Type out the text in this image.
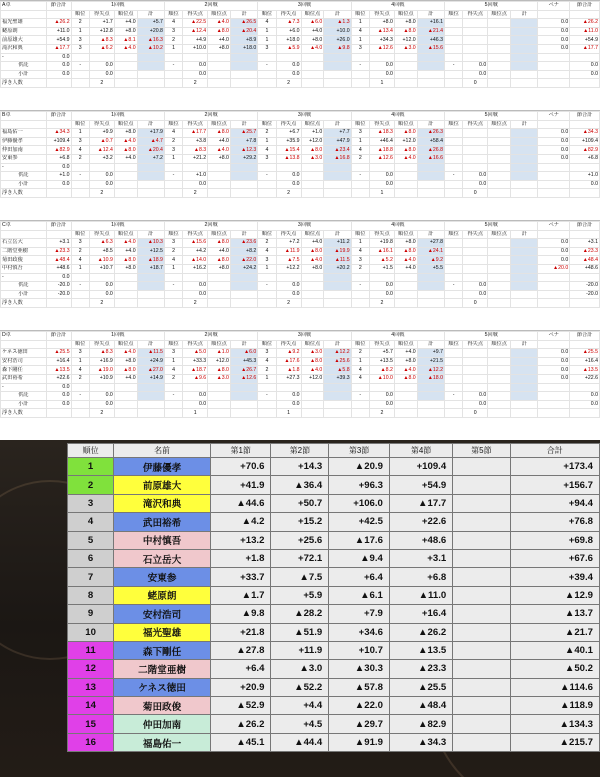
A卓	節合計	1回戦				2回戦				3回戦				4回戦				5回戦				ペナ	節合計
		順位	得失点	順位点	計	順位	得失点	順位点	計	順位	得失点	順位点	計	順位	得失点	順位点	計	順位	得失点	順位点	計		
福光聖雄	▲26.2	2	+1.7	+4.0	+5.7	4	▲22.5	▲4.0	▲26.5	4	▲7.3	▲6.0	▲1.3	1	+8.0	+8.0	+16.1					0.0	▲26.2
蛯原朗	+11.0	1	+12.8	+8.0	+20.8	3	▲12.4	▲8.0	▲20.4	1	+6.0	+4.0	+10.0	4	▲13.4	▲8.0	▲21.4					0.0	▲11.0
前原雄大	+54.9	3	▲8.3	▲8.1	▲16.3	2	+4.9	+4.0	+8.9	1	+18.0	+8.0	+26.0	1	+34.3	+12.0	+46.3					0.0	+54.9
滝沢和典	▲17.7	3	▲6.2	▲4.0	▲10.2	1	+10.0	+8.0	+18.0	3	▲5.9	▲4.0	▲9.8	3	▲12.6	▲3.0	▲15.6					0.0	▲17.7
-	0.0																						
供託	0.0	-	0.0			-	0.0			-	0.0			-	0.0			-	0.0				0.0
小計	0.0		0.0				0.0				0.0				0.0				0.0				0.0
浮き人数			2				2				2				1				0				
B卓	節合計	1回戦				2回戦				3回戦				4回戦				5回戦				ペナ	節合計
		順位	得失点	順位点	計	順位	得失点	順位点	計	順位	得失点	順位点	計	順位	得失点	順位点	計	順位	得失点	順位点	計		
福島佑一	▲34.3	1	+9.9	+8.0	+17.9	4	▲17.7	▲8.0	▲25.7	2	+6.7	+1.0	+7.7	3	▲18.3	▲8.0	▲26.3					0.0	▲34.3
伊藤優孝	+109.4	3	▲0.7	▲4.0	▲4.7	2	+3.8	+4.0	+7.8	1	+35.9	+12.0	+47.9	1	+46.4	+12.0	+58.4					0.0	+109.4
仲田加南	▲82.9	4	▲12.4	▲8.0	▲20.4	3	▲8.3	▲4.0	▲12.3	4	▲15.4	▲8.0	▲23.4	4	▲18.8	▲8.0	▲26.8					0.0	▲82.9
安東参	+6.8	2	+3.2	+4.0	+7.2	1	+21.2	+8.0	+29.2	3	▲13.8	▲3.0	▲16.8	2	▲12.6	▲4.0	▲16.6					0.0	+6.8
-	0.0																						
供託	+1.0	-	0.0			-	+1.0			-	0.0			-	0.0			-	0.0				+1.0
小計	0.0		0.0				0.0				0.0				0.0				0.0				0.0
浮き人数			2				2				2				1				0				
C卓	節合計	1回戦				2回戦				3回戦				4回戦				5回戦				ペナ	節合計
		順位	得失点	順位点	計	順位	得失点	順位点	計	順位	得失点	順位点	計	順位	得失点	順位点	計	順位	得失点	順位点	計		
石立岳大	+3.1	3	▲6.3	▲4.0	▲10.3	3	▲15.6	▲8.0	▲23.6	2	+7.2	+4.0	+11.2	1	+19.8	+8.0	+27.8					0.0	+3.1
二階堂亜樹	▲23.3	2	+8.5	+4.0	+12.5	2	+4.2	+4.0	+8.2	4	▲11.9	▲8.0	▲19.9	4	▲16.1	▲8.0	▲24.1					0.0	▲23.3
菊田政俊	▲48.4	4	▲10.9	▲8.0	▲18.9	4	▲14.0	▲8.0	▲22.0	3	▲7.5	▲4.0	▲11.5	3	▲5.2	▲4.0	▲9.2					0.0	▲48.4
中村慎吾	+48.6	1	+10.7	+8.0	+18.7	1	+16.2	+8.0	+24.2	1	+12.2	+8.0	+20.2	2	+1.5	+4.0	+5.5					▲20.0	+48.6
-	0.0																						
供託	-20.0	-	0.0			-	0.0			-	0.0			-	0.0			-	0.0				-20.0
小計	-20.0		0.0				0.0				0.0				0.0				0.0				-20.0
浮き人数			2				2				2				2				0				
D卓	節合計	1回戦				2回戦				3回戦				4回戦				5回戦				ペナ	節合計
		順位	得失点	順位点	計	順位	得失点	順位点	計	順位	得失点	順位点	計	順位	得失点	順位点	計	順位	得失点	順位点	計		
ケネス徳田	▲25.5	3	▲8.3	▲4.0	▲11.5	3	▲5.0	▲1.0	▲6.0	3	▲9.2	▲3.0	▲12.2	2	+5.7	+4.0	+9.7					0.0	▲25.5
安村浩司	+16.4	1	+16.9	+8.0	+24.9	1	+33.3	+12.0	+45.3	4	▲17.6	▲8.0	▲25.6	1	+13.5	+8.0	+21.5					0.0	+16.4
森下剛任	▲13.5	4	▲19.0	▲8.0	▲27.0	4	▲18.7	▲8.0	▲26.7	2	▲1.8	▲4.0	▲5.8	4	▲8.2	▲4.0	▲12.2					0.0	▲13.5
武田裕希	+22.6	2	+10.9	+4.0	+14.9	2	▲9.6	▲3.0	▲12.6	1	+27.3	+12.0	+39.3	4	▲10.0	▲8.0	▲18.0					0.0	+22.6
-	0.0																						
供託	0.0	-	0.0			-	0.0			-	0.0			-	0.0			-	0.0				0.0
小計	0.0		0.0				0.0				0.0				0.0				0.0				0.0
浮き人数			2				1				1				2				0				
順位	名前	第1節	第2節	第3節	第4節	第5節	合計
1	伊藤優孝	+70.6	+14.3	▲20.9	+109.4		+173.4
2	前原雄大	+41.9	▲36.4	+96.3	+54.9		+156.7
3	滝沢和典	▲44.6	+50.7	+106.0	▲17.7		+94.4
4	武田裕希	▲4.2	+15.2	+42.5	+22.6		+76.8
5	中村慎吾	+13.2	+25.6	▲17.6	+48.6		+69.8
6	石立岳大	+1.8	+72.1	▲9.4	+3.1		+67.6
7	安東参	+33.7	▲7.5	+6.4	+6.8		+39.4
8	蛯原朗	▲1.7	+5.9	▲6.1	▲11.0		▲12.9
9	安村浩司	▲9.8	▲28.2	+7.9	+16.4		▲13.7
10	福光聖雄	+21.8	▲51.9	+34.6	▲26.2		▲21.7
11	森下剛任	▲27.8	+11.9	+10.7	▲13.5		▲40.1
12	二階堂亜樹	+6.4	▲3.0	▲30.3	▲23.3		▲50.2
13	ケネス徳田	+20.9	▲52.2	▲57.8	▲25.5		▲114.6
14	菊田政俊	▲52.9	+4.4	▲22.0	▲48.4		▲118.9
15	仲田加南	▲26.2	+4.5	▲29.7	▲82.9		▲134.3
16	福島佑一	▲45.1	▲44.4	▲91.9	▲34.3		▲215.7
